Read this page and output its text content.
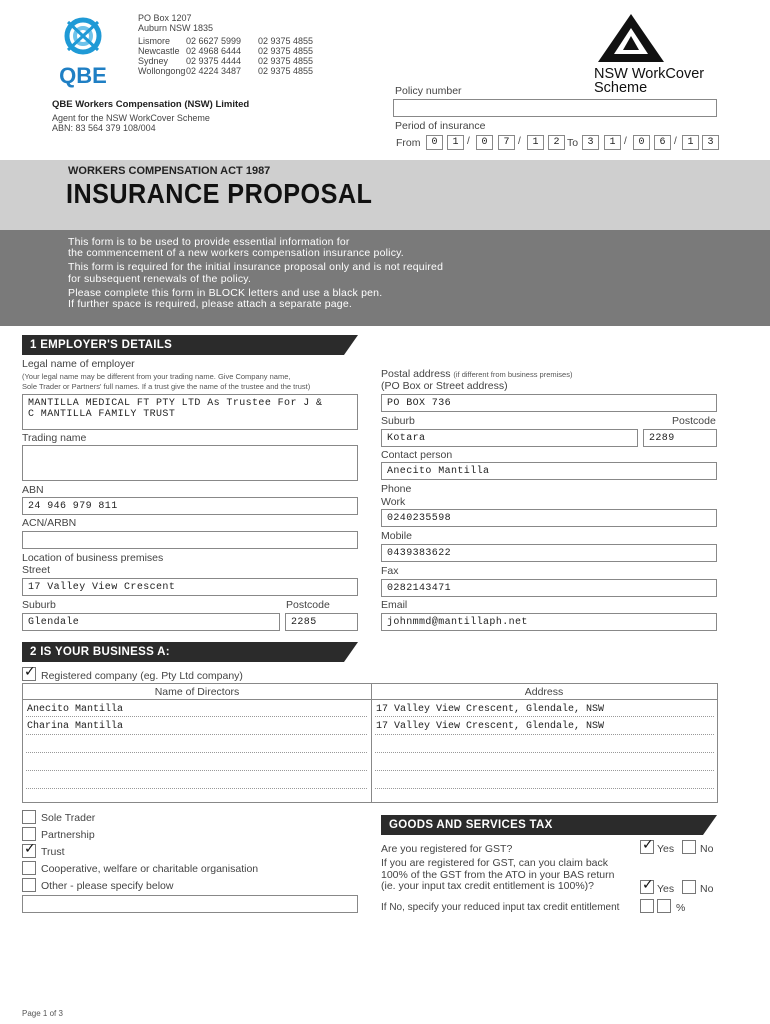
QBE
PO Box 1207
Auburn NSW 1835
Lismore 02 6627 5999 02 9375 4855
Newcastle 02 4968 6444 02 9375 4855
Sydney 02 9375 4444 02 9375 4855
Wollongong02 4224 3487 02 9375 4855	NSW WorkCover
Scheme
QBE Workers Compensation (NSW) Limited
Agent for the NSW WorkCover Scheme
ABN: 83 564 379 108/004
Policy number
Period of insurance
From	0	1 /	0	7 /	1	2 To 3	1 /	0	6 /	1	3
WORKERS COMPENSATION ACT 1987
INSURANCE PROPOSAL
This form is to be used to provide essential information for
the commencement of a new workers compensation insurance policy.
This form is required for the initial insurance proposal only and is not required
for subsequent renewals of the policy.
Please complete this form in BLOCK letters and use a black pen.
If further space is required, please attach a separate page.
1 EMPLOYER'S DETAILS
Legal name of employer
(Your legal name may be different from your trading name. Give Company name,
Sole Trader or Partners' full names. If a trust give the name of the trustee and the trust)
MANTILLA MEDICAL FT PTY LTD As Trustee For J &
C MANTILLA FAMILY TRUST
Trading name
ABN
24 946 979 811
ACN/ARBN
Location of business premises
Street
17 Valley View Crescent
Suburb	Postcode
Glendale	2285
Postal address (if different from business premises)
(PO Box or Street address)
PO BOX 736
Suburb	Postcode
Kotara	2289
Contact person
Anecito Mantilla
Phone
Work
0240235598
Mobile
0439383622
Fax
0282143471
Email
johnmmd@mantillaph.net
2 IS YOUR BUSINESS A:
✓ Registered company (eg. Pty Ltd company)
Name of Directors	Address
Anecito Mantilla	17 Valley View Crescent, Glendale, NSW
Charina Mantilla	17 Valley View Crescent, Glendale, NSW
Sole Trader
Partnership
✓ Trust
Cooperative, welfare or charitable organisation
Other - please specify below
GOODS AND SERVICES TAX
Are you registered for GST?	✓ Yes No
If you are registered for GST, can you claim back
100% of the GST from the ATO in your BAS return
(ie. your input tax credit entitlement is 100%)?	✓ Yes No
If No, specify your reduced input tax credit entitlement	%
Page 1 of 3
